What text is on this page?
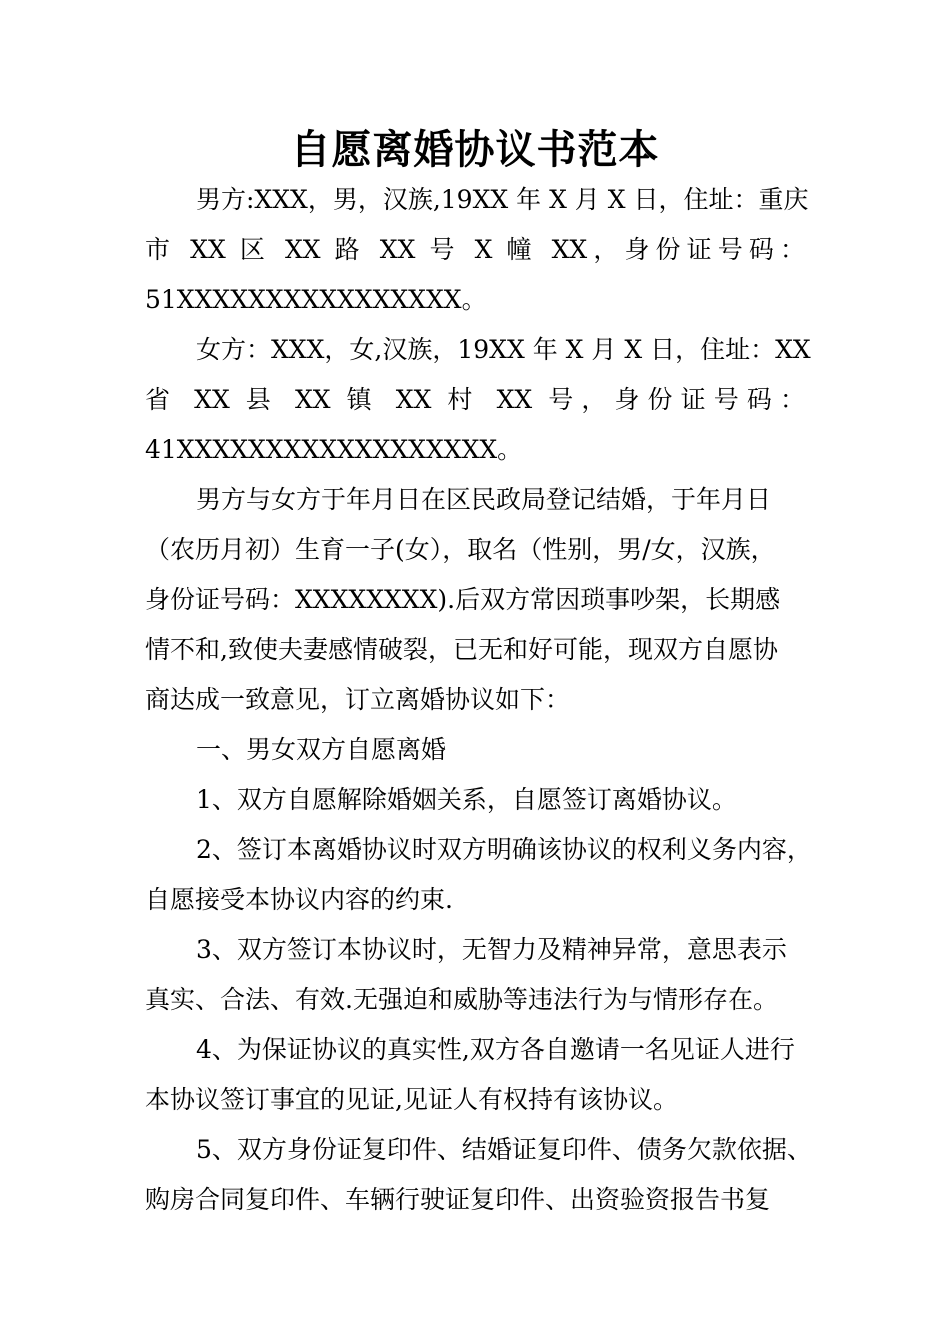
自愿离婚协议书范本
男方:XXX，男，汉族,19XX 年 X 月 X 日，住址：重庆
市 XX 区 XX 路 XX 号 X 幢 XX，身份证号码：
51XXXXXXXXXXXXXXXX。
女方：XXX，女,汉族，19XX 年 X 月 X 日，住址：XX
省 XX 县 XX 镇 XX 村 XX 号，身份证号码：
41XXXXXXXXXXXXXXXXXX。
男方与女方于年月日在区民政局登记结婚，于年月日
（农历月初）生育一子(女），取名（性别，男/女，汉族，
身份证号码：XXXXXXXX).后双方常因琐事吵架，长期感
情不和,致使夫妻感情破裂，已无和好可能，现双方自愿协
商达成一致意见，订立离婚协议如下：
一、男女双方自愿离婚
1、双方自愿解除婚姻关系，自愿签订离婚协议。
2、签订本离婚协议时双方明确该协议的权利义务内容，
自愿接受本协议内容的约束.
3、双方签订本协议时，无智力及精神异常，意思表示
真实、合法、有效.无强迫和威胁等违法行为与情形存在。
4、为保证协议的真实性,双方各自邀请一名见证人进行
本协议签订事宜的见证,见证人有权持有该协议。
5、双方身份证复印件、结婚证复印件、债务欠款依据、
购房合同复印件、车辆行驶证复印件、出资验资报告书复
